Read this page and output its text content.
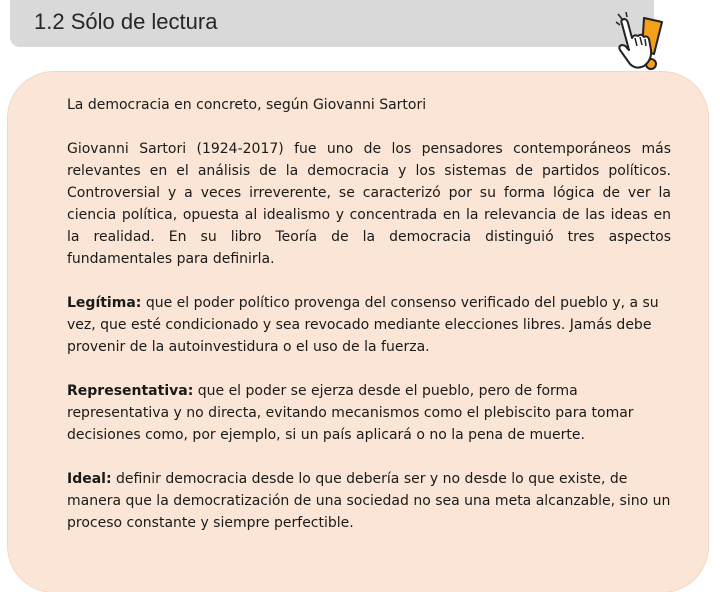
1.2 Sólo de lectura

La democracia en concreto, según Giovanni Sartori

Giovanni Sartori (1924-2017) fue uno de los pensadores contemporáneos más relevantes en el análisis de la democracia y los sistemas de partidos políticos. Controversial y a veces irreverente, se caracterizó por su forma lógica de ver la ciencia política, opuesta al idealismo y concentrada en la relevancia de las ideas en la realidad. En su libro Teoría de la democracia distinguió tres aspectos fundamentales para definirla.

Legítima: que el poder político provenga del consenso verificado del pueblo y, a su vez, que esté condicionado y sea revocado mediante elecciones libres. Jamás debe provenir de la autoinvestidura o el uso de la fuerza.

Representativa: que el poder se ejerza desde el pueblo, pero de forma representativa y no directa, evitando mecanismos como el plebiscito para tomar decisiones como, por ejemplo, si un país aplicará o no la pena de muerte.

Ideal: definir democracia desde lo que debería ser y no desde lo que existe, de manera que la democratización de una sociedad no sea una meta alcanzable, sino un proceso constante y siempre perfectible.
